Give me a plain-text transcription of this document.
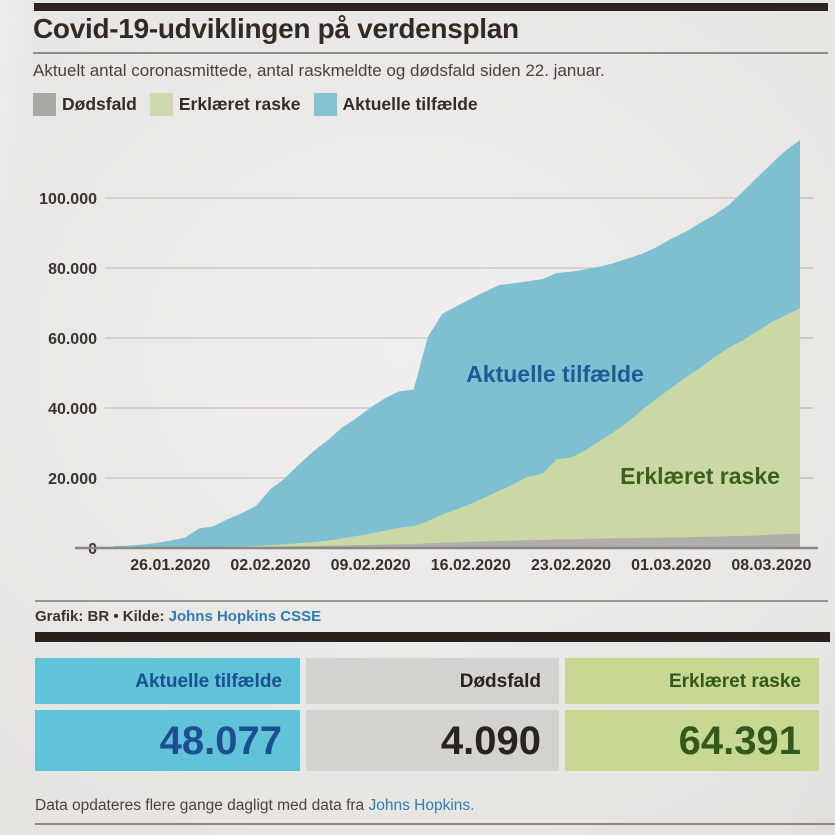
Covid-19-udviklingen på verdensplan
Aktuelt antal coronasmittede, antal raskmeldte og dødsfald siden 22. januar.
Dødsfald Erklæret raske Aktuelle tilfælde
0
20.000
40.000
60.000
80.000
100.000
26.01.2020 02.02.2020 09.02.2020 16.02.2020 23.02.2020 01.03.2020 08.03.2020
Aktuelle tilfælde
Erklæret raske
Grafik: BR • Kilde: Johns Hopkins CSSE
Aktuelle tilfælde	Dødsfald	Erklæret raske
48.077	4.090	64.391
Data opdateres flere gange dagligt med data fra Johns Hopkins.
